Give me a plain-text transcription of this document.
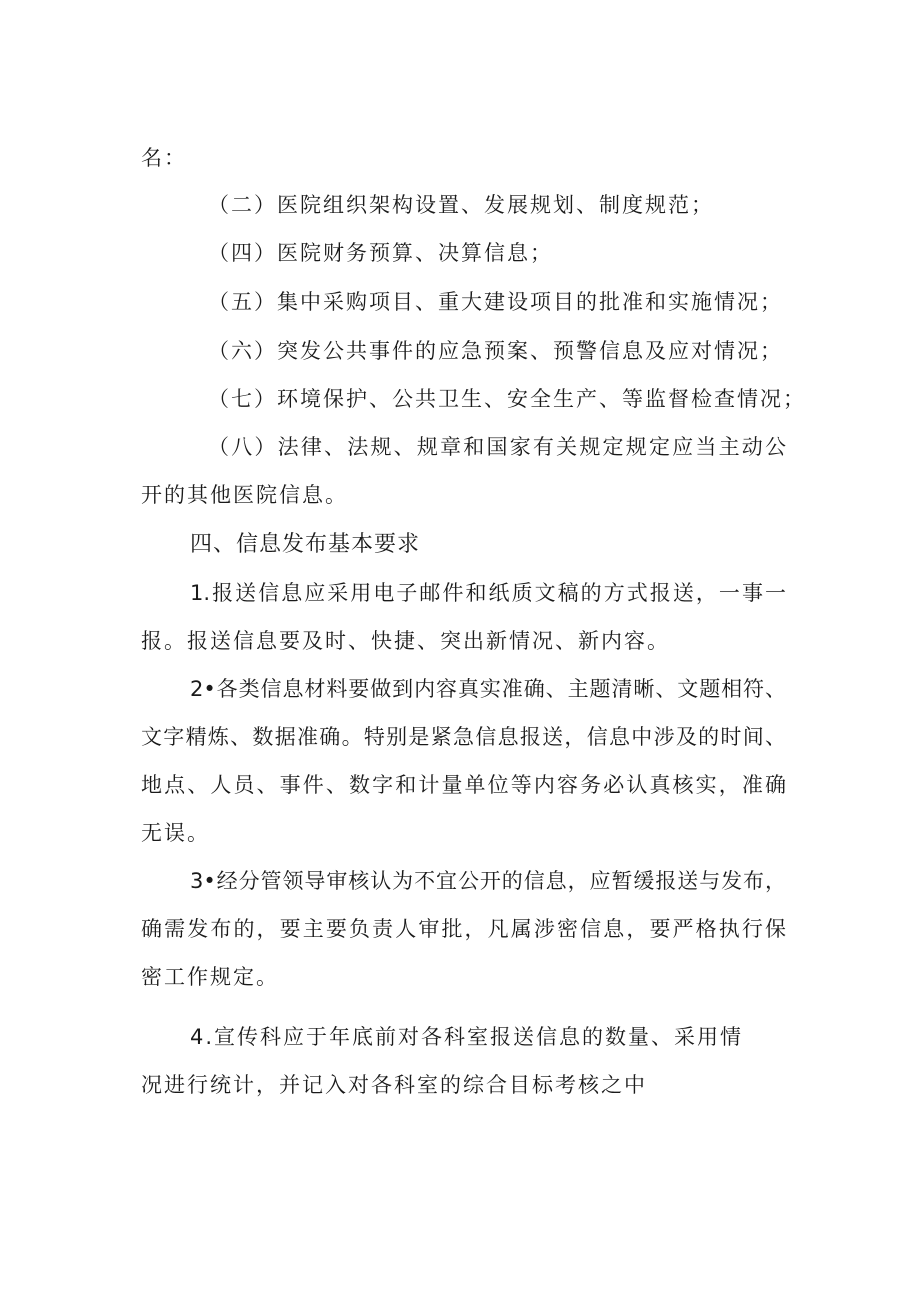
名：
（二）医院组织架构设置、发展规划、制度规范；
（四）医院财务预算、决算信息；
（五）集中采购项目、重大建设项目的批准和实施情况；
（六）突发公共事件的应急预案、预警信息及应对情况；
（七）环境保护、公共卫生、安全生产、等监督检查情况；
（八）法律、法规、规章和国家有关规定规定应当主动公
开的其他医院信息。
四、信息发布基本要求
1.报送信息应采用电子邮件和纸质文稿的方式报送，一事一
报。报送信息要及时、快捷、突出新情况、新内容。
2•各类信息材料要做到内容真实准确、主题清晰、文题相符、
文字精炼、数据准确。特别是紧急信息报送，信息中涉及的时间、
地点、人员、事件、数字和计量单位等内容务必认真核实，准确
无误。
3•经分管领导审核认为不宜公开的信息，应暂缓报送与发布，
确需发布的，要主要负责人审批，凡属涉密信息，要严格执行保
密工作规定。
4.宣传科应于年底前对各科室报送信息的数量、采用情
况进行统计，并记入对各科室的综合目标考核之中
